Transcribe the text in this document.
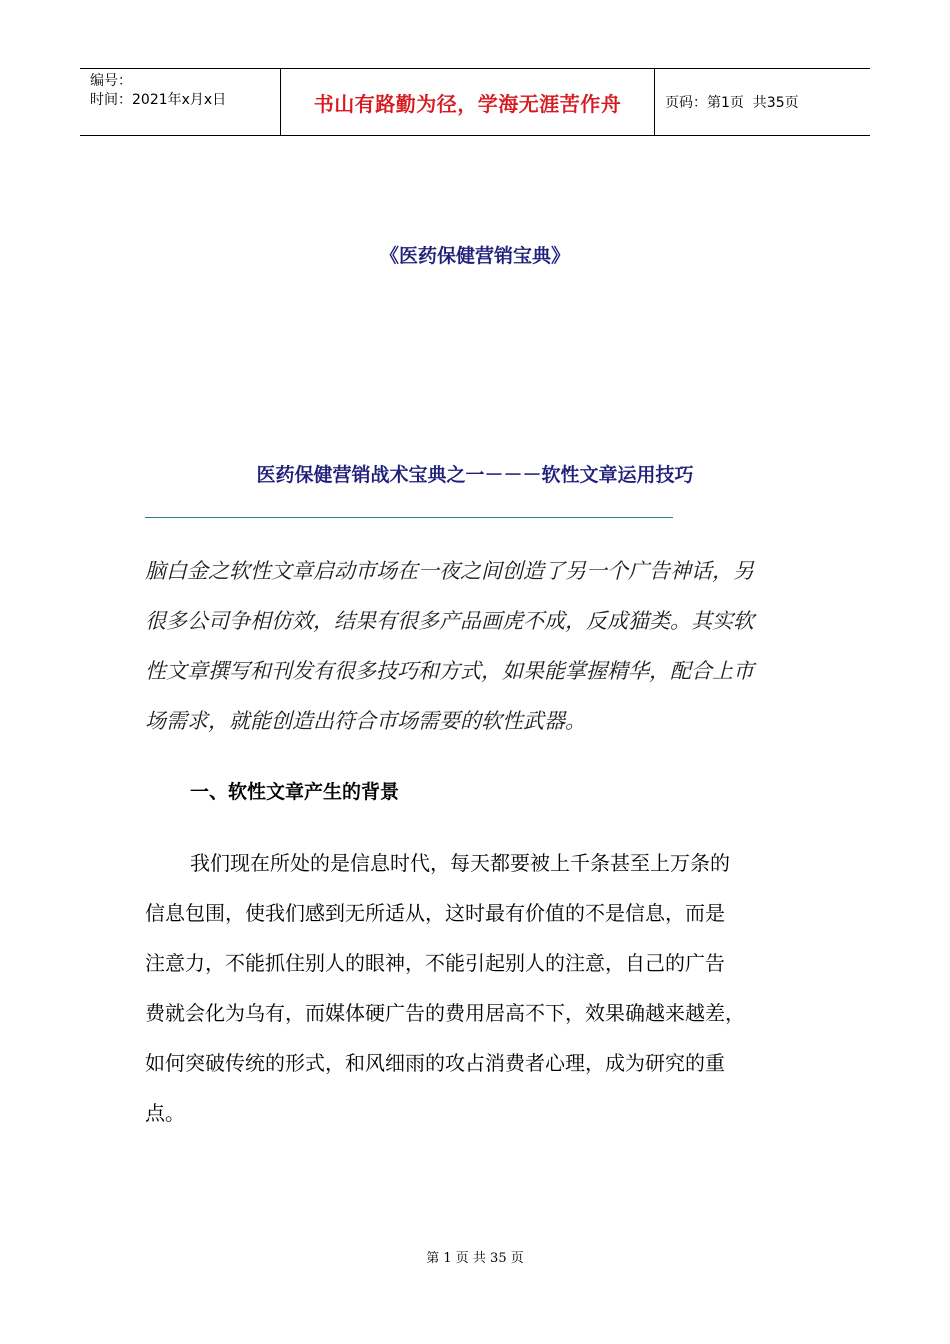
编号：
时间：2021年x月x日	书山有路勤为径，学海无涯苦作舟	页码：第1页  共35页
《医药保健营销宝典》
医药保健营销战术宝典之一－－－软性文章运用技巧
脑白金之软性文章启动市场在一夜之间创造了另一个广告神话，另
很多公司争相仿效，结果有很多产品画虎不成，反成猫类。其实软
性文章撰写和刊发有很多技巧和方式，如果能掌握精华，配合上市
场需求，就能创造出符合市场需要的软性武器。
一、软性文章产生的背景
我们现在所处的是信息时代，每天都要被上千条甚至上万条的
信息包围，使我们感到无所适从，这时最有价值的不是信息，而是
注意力，不能抓住别人的眼神，不能引起别人的注意，自己的广告
费就会化为乌有，而媒体硬广告的费用居高不下，效果确越来越差，
如何突破传统的形式，和风细雨的攻占消费者心理，成为研究的重
点。
第 1 页 共 35 页
